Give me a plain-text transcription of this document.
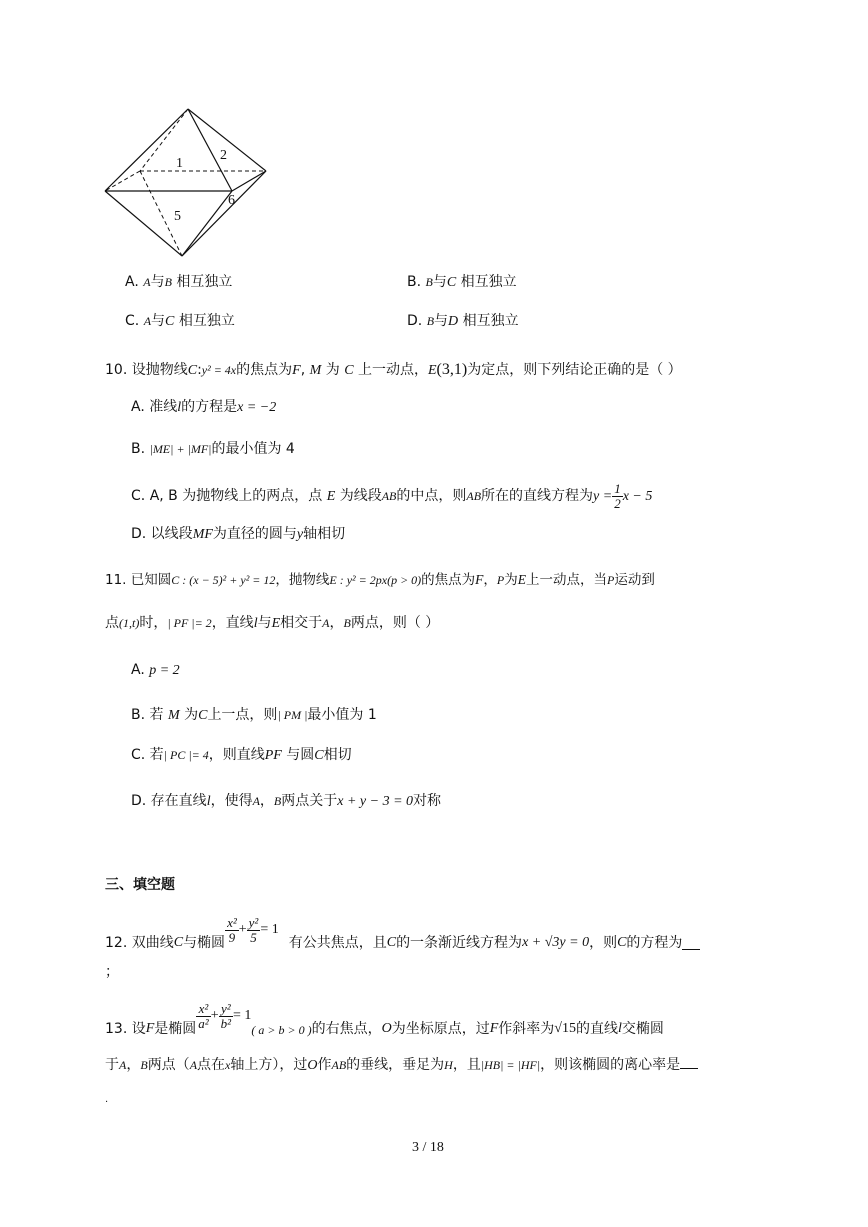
1
2
5
6
A. A与B 相互独立	B. B与C 相互独立
C. A与C 相互独立	D. B与D 相互独立
10. 设抛物线C:y² = 4x的焦点为F, M 为 C 上一动点，E(3,1)为定点，则下列结论正确的是（ ）
A. 准线l的方程是x = −2
B. |ME| + |MF|的最小值为 4
C. A, B 为抛物线上的两点，点 E 为线段AB的中点，则AB所在的直线方程为$y = \frac{1}{2}$ x − 5
D. 以线段MF为直径的圆与y轴相切
11. 已知圆C : (x − 5)² + y² = 12，抛物线E : y² = 2px(p > 0)的焦点为F，P为E上一动点，当P运动到
点(1,t)时，| PF |= 2，直线l与E相交于A，B两点，则（ ）
A. p = 2
B. 若 M 为C上一点，则| PM |最小值为 1
C. 若| PC |= 4，则直线PF 与圆C相切
D. 存在直线l，使得A，B两点关于x + y − 3 = 0对称
三、填空题
12. 双曲线 C 与椭圆 $\frac{\text{x²}}{9} + \frac{\text{y²}}{5} = 1$
有公共焦点，且 C 的一条渐近线方程为 x + √3y = 0 ，则 C 的方程为
；
13. 设 F 是椭圆 $\frac{\text{x²}}{\text{a²}} + \frac{\text{y²}}{\text{b²}} = 1$
( a > b > 0 ) 的右焦点， O 为坐标原点，过 F 作斜率为 √15 的直线 l 交椭圆
于A，B两点（A点在x轴上方），过O作AB的垂线，垂足为H，且|HB| = |HF|，则该椭圆的离心率是
.
3 / 18
